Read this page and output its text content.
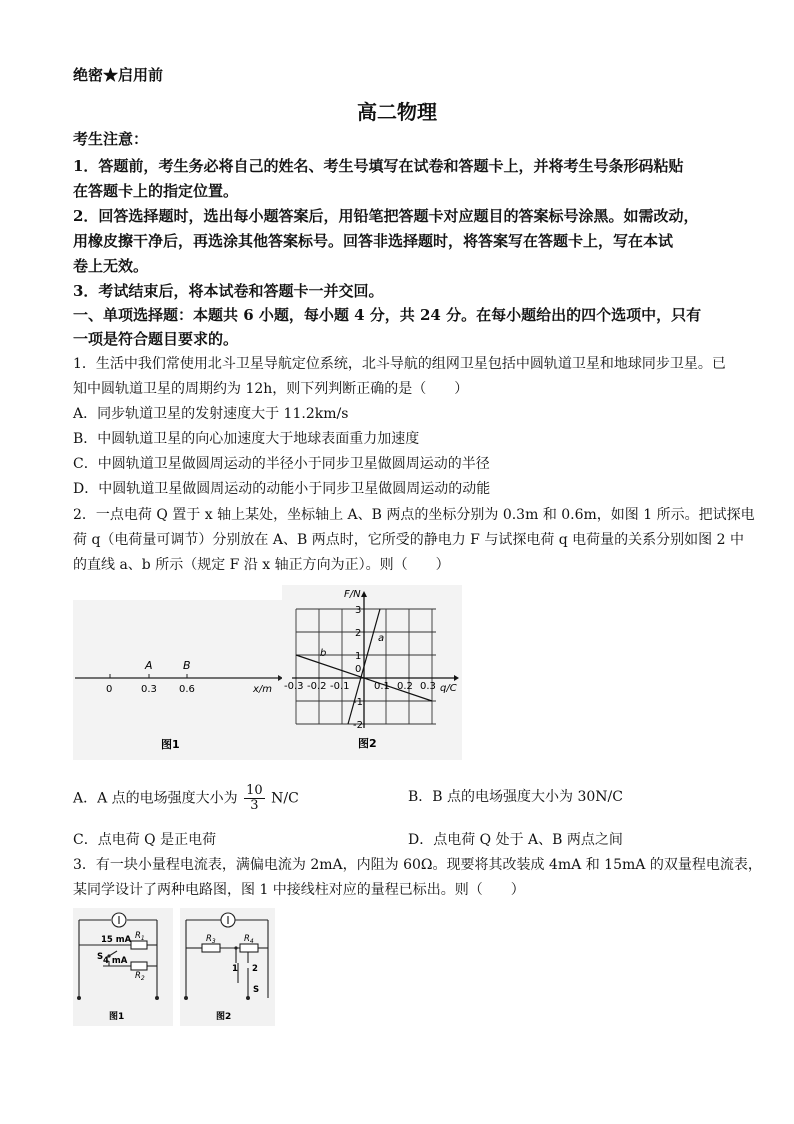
绝密★启用前
高二物理
考生注意：
1．答题前，考生务必将自己的姓名、考生号填写在试卷和答题卡上，并将考生号条形码粘贴
在答题卡上的指定位置。
2．回答选择题时，选出每小题答案后，用铅笔把答题卡对应题目的答案标号涂黑。如需改动，
用橡皮擦干净后，再选涂其他答案标号。回答非选择题时，将答案写在答题卡上，写在本试
卷上无效。
3．考试结束后，将本试卷和答题卡一并交回。
一、单项选择题：本题共 6 小题，每小题 4 分，共 24 分。在每小题给出的四个选项中，只有
一项是符合题目要求的。
1．生活中我们常使用北斗卫星导航定位系统，北斗导航的组网卫星包括中圆轨道卫星和地球同步卫星。已
知中圆轨道卫星的周期约为 12h，则下列判断正确的是（　　）
A．同步轨道卫星的发射速度大于 11.2km/s
B．中圆轨道卫星的向心加速度大于地球表面重力加速度
C．中圆轨道卫星做圆周运动的半径小于同步卫星做圆周运动的半径
D．中圆轨道卫星做圆周运动的动能小于同步卫星做圆周运动的动能
2．一点电荷 Q 置于 x 轴上某处，坐标轴上 A、B 两点的坐标分别为 0.3m 和 0.6m，如图 1 所示。把试探电
荷 q（电荷量可调节）分别放在 A、B 两点时，它所受的静电力 F 与试探电荷 q 电荷量的关系分别如图 2 中
的直线 a、b 所示（规定 F 沿 x 轴正方向为正）。则（　　）
A	B
0	0.3 0.6	x/m
图1
F/N
q/C
3
2
1
0
-1
-2
-0.3 -0.2 -0.1 0.1 0.2 0.3
a
b
图2
A．A 点的电场强度大小为 $\frac{10}{3} N/C$	B．B 点的电场强度大小为 30N/C
C．点电荷 Q 是正电荷	D．点电荷 Q 处于 A、B 两点之间
3．有一块小量程电流表，满偏电流为 2mA，内阻为 60Ω。现要将其改装成 4mA 和 15mA 的双量程电流表，
某同学设计了两种电路图，图 1 中接线柱对应的量程已标出。则（　　）
15 mA
4 mA
$R_1$
$R_2$
S
图1
$R_3$	$R_4$
1 2
S
图2
